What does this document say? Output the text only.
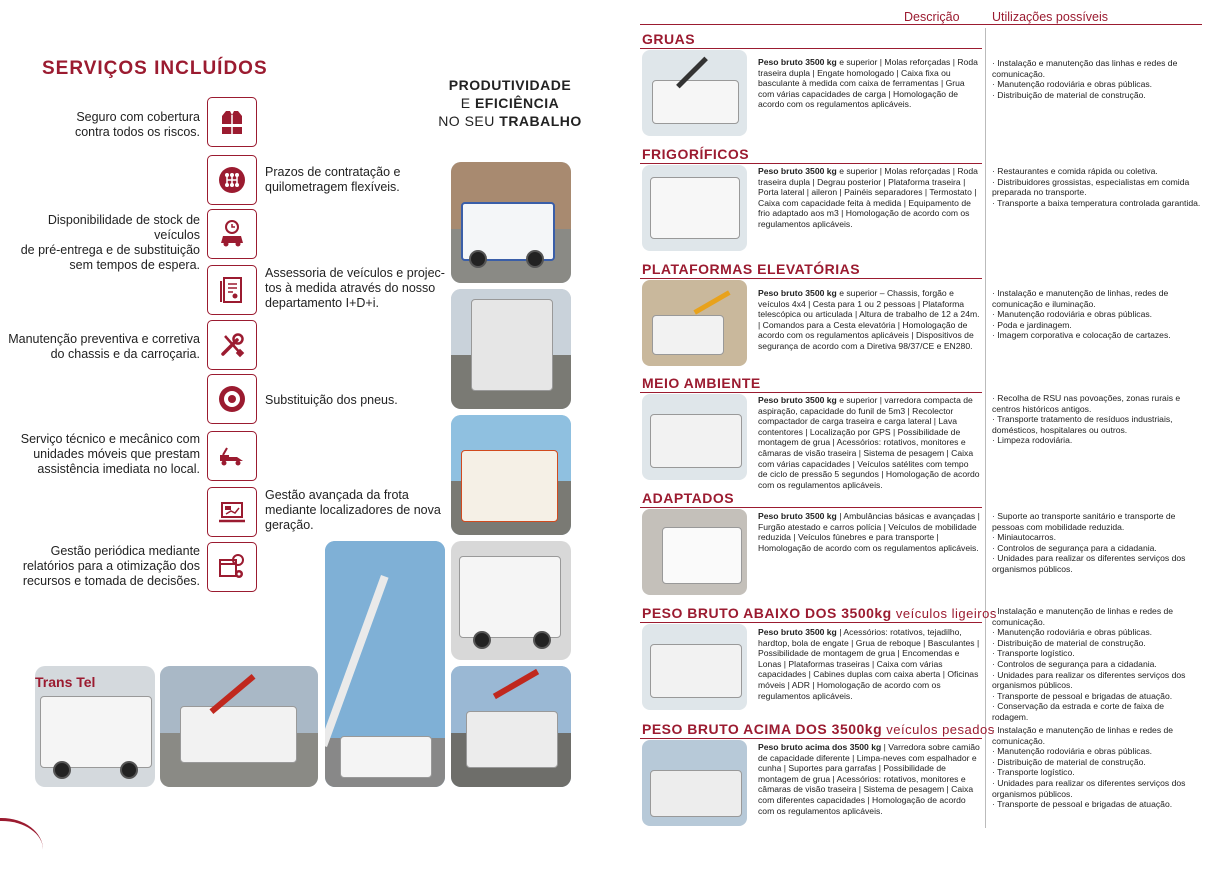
SERVIÇOS INCLUÍDOS
PRODUTIVIDADE
E EFICIÊNCIA
NO SEU TRABALHO
Seguro com cobertura
contra todos os riscos.
Prazos de contratação e
quilometragem flexíveis.
Disponibilidade de stock de veículos
de pré-entrega e de substituição
sem tempos de espera.
Assessoria de veículos e projec-
tos à medida através do nosso
departamento I+D+i.
Manutenção preventiva e corretiva
do chassis e da carroçaria.
Substituição dos pneus.
Serviço técnico e mecânico com
unidades móveis que prestam
assistência imediata no local.
Gestão avançada da frota
mediante localizadores de nova
geração.
Gestão periódica mediante
relatórios para a otimização dos
recursos e tomada de decisões.
Trans Tel
Descrição	Utilizações possíveis
GRUAS
Peso bruto 3500 kg e superior | Molas reforçadas | Roda traseira dupla | Engate homologado | Caixa fixa ou basculante à medida com caixa de ferramentas | Grua com várias capacidades de carga | Homologação de acordo com os regulamentos aplicáveis.
· Instalação e manutenção das linhas e redes de comunicação.
· Manutenção rodoviária e obras públicas.
· Distribuição de material de construção.
FRIGORÍFICOS
Peso bruto 3500 kg e superior | Molas reforçadas | Roda traseira dupla | Degrau posterior | Plataforma traseira | Porta lateral | aileron | Painéis separadores | Termostato | Caixa com capacidade feita à medida | Equipamento de frio adaptado aos m3 | Homologação de acordo com os regulamentos aplicáveis.
· Restaurantes e comida rápida ou coletiva.
· Distribuidores grossistas, especialistas em comida preparada no transporte.
· Transporte a baixa temperatura controlada garantida.
PLATAFORMAS ELEVATÓRIAS
Peso bruto 3500 kg e superior – Chassis, forgão e veículos 4x4 | Cesta para 1 ou 2 pessoas | Plataforma telescópica ou articulada | Altura de trabalho de 12 a 24m. | Comandos para a Cesta elevatória | Homologação de acordo com os regulamentos aplicáveis | Dispositivos de segurança de acordo com a Diretiva 98/37/CE e EN280.
· Instalação e manutenção de linhas, redes de comunicação e iluminação.
· Manutenção rodoviária e obras públicas.
· Poda e jardinagem.
· Imagem corporativa e colocação de cartazes.
MEIO AMBIENTE
Peso bruto 3500 kg e superior | varredora compacta de aspiração, capacidade do funil de 5m3 | Recolector compactador de carga traseira e carga lateral | Lava contentores | Localização por GPS | Possibilidade de montagem de grua | Acessórios: rotativos, monitores e câmaras de visão traseira | Sistema de pesagem | Caixa com várias capacidades | Veículos satélites com tempo de ciclo de pressão 5 segundos | Homologação de acordo com os regulamentos aplicáveis.
· Recolha de RSU nas povoações, zonas rurais e centros históricos antigos.
· Transporte tratamento de resíduos industriais, domésticos, hospitalares ou outros.
· Limpeza rodoviária.
ADAPTADOS
Peso bruto 3500 kg | Ambulâncias básicas e avançadas | Furgão atestado e carros polícia | Veículos de mobilidade reduzida | Veículos fúnebres e para transporte | Homologação de acordo com os regulamentos aplicáveis.
· Suporte ao transporte sanitário e transporte de pessoas com mobilidade reduzida.
· Miniautocarros.
· Controlos de segurança para a cidadania.
· Unidades para realizar os diferentes serviços dos organismos públicos.
PESO BRUTO ABAIXO DOS 3500kg veículos ligeiros
Peso bruto 3500 kg | Acessórios: rotativos, tejadilho, hardtop, bola de engate | Grua de reboque | Basculantes | Possibilidade de montagem de grua | Encomendas e Lonas | Plataformas traseiras | Caixa com várias capacidades | Cabines duplas com caixa aberta | Oficinas móveis | ADR | Homologação de acordo com os regulamentos aplicáveis.
· Instalação e manutenção de linhas e redes de comunicação.
· Manutenção rodoviária e obras públicas.
· Distribuição de material de construção.
· Transporte logístico.
· Controlos de segurança para a cidadania.
· Unidades para realizar os diferentes serviços dos organismos públicos.
· Transporte de pessoal e brigadas de atuação.
· Conservação da estrada e corte de faixa de rodagem.
PESO BRUTO ACIMA DOS 3500kg veículos pesados
Peso bruto acima dos 3500 kg | Varredora sobre camião de capacidade diferente | Limpa-neves com espalhador e cunha | Suportes para garrafas | Possibilidade de montagem de grua | Acessórios: rotativos, monitores e câmaras de visão traseira | Sistema de pesagem | Caixa com diferentes capacidades | Homologação de acordo com os regulamentos aplicáveis.
· Instalação e manutenção de linhas e redes de comunicação.
· Manutenção rodoviária e obras públicas.
· Distribuição de material de construção.
· Transporte logístico.
· Unidades para realizar os diferentes serviços dos organismos públicos.
· Transporte de pessoal e brigadas de atuação.
